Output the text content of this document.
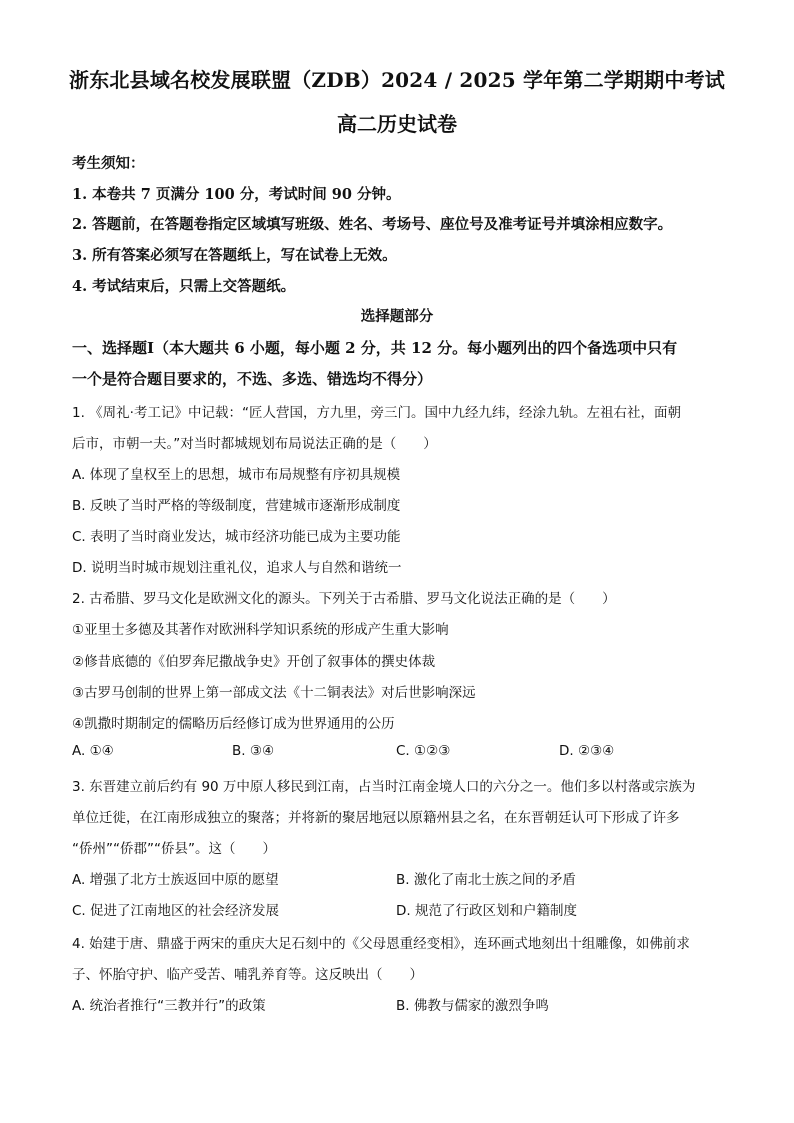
浙东北县域名校发展联盟（ZDB）2024 / 2025 学年第二学期期中考试
高二历史试卷
考生须知：
1. 本卷共 7 页满分 100 分，考试时间 90 分钟。
2. 答题前，在答题卷指定区域填写班级、姓名、考场号、座位号及准考证号并填涂相应数字。
3. 所有答案必须写在答题纸上，写在试卷上无效。
4. 考试结束后，只需上交答题纸。
选择题部分
一、选择题Ⅰ（本大题共 6 小题，每小题 2 分，共 12 分。每小题列出的四个备选项中只有
一个是符合题目要求的，不选、多选、错选均不得分）
1. 《周礼·考工记》中记载：“匠人营国，方九里，旁三门。国中九经九纬，经涂九轨。左祖右社，面朝
后市，市朝一夫。”对当时都城规划布局说法正确的是（　　）
A. 体现了皇权至上的思想，城市布局规整有序初具规模
B. 反映了当时严格的等级制度，营建城市逐渐形成制度
C. 表明了当时商业发达，城市经济功能已成为主要功能
D. 说明当时城市规划注重礼仪，追求人与自然和谐统一
2. 古希腊、罗马文化是欧洲文化的源头。下列关于古希腊、罗马文化说法正确的是（　　）
①亚里士多德及其著作对欧洲科学知识系统的形成产生重大影响
②修昔底德的《伯罗奔尼撒战争史》开创了叙事体的撰史体裁
③古罗马创制的世界上第一部成文法《十二铜表法》对后世影响深远
④凯撒时期制定的儒略历后经修订成为世界通用的公历
A. ①④	B. ③④	C. ①②③	D. ②③④
3. 东晋建立前后约有 90 万中原人移民到江南，占当时江南金境人口的六分之一。他们多以村落或宗族为
单位迁徙，在江南形成独立的聚落；并将新的聚居地冠以原籍州县之名，在东晋朝廷认可下形成了许多
“侨州”“侨郡”“侨县”。这（　　）
A. 增强了北方士族返回中原的愿望	B. 激化了南北士族之间的矛盾
C. 促进了江南地区的社会经济发展	D. 规范了行政区划和户籍制度
4. 始建于唐、鼎盛于两宋的重庆大足石刻中的《父母恩重经变相》，连环画式地刻出十组雕像，如佛前求
子、怀胎守护、临产受苦、哺乳养育等。这反映出（　　）
A. 统治者推行“三教并行”的政策	B. 佛教与儒家的激烈争鸣
